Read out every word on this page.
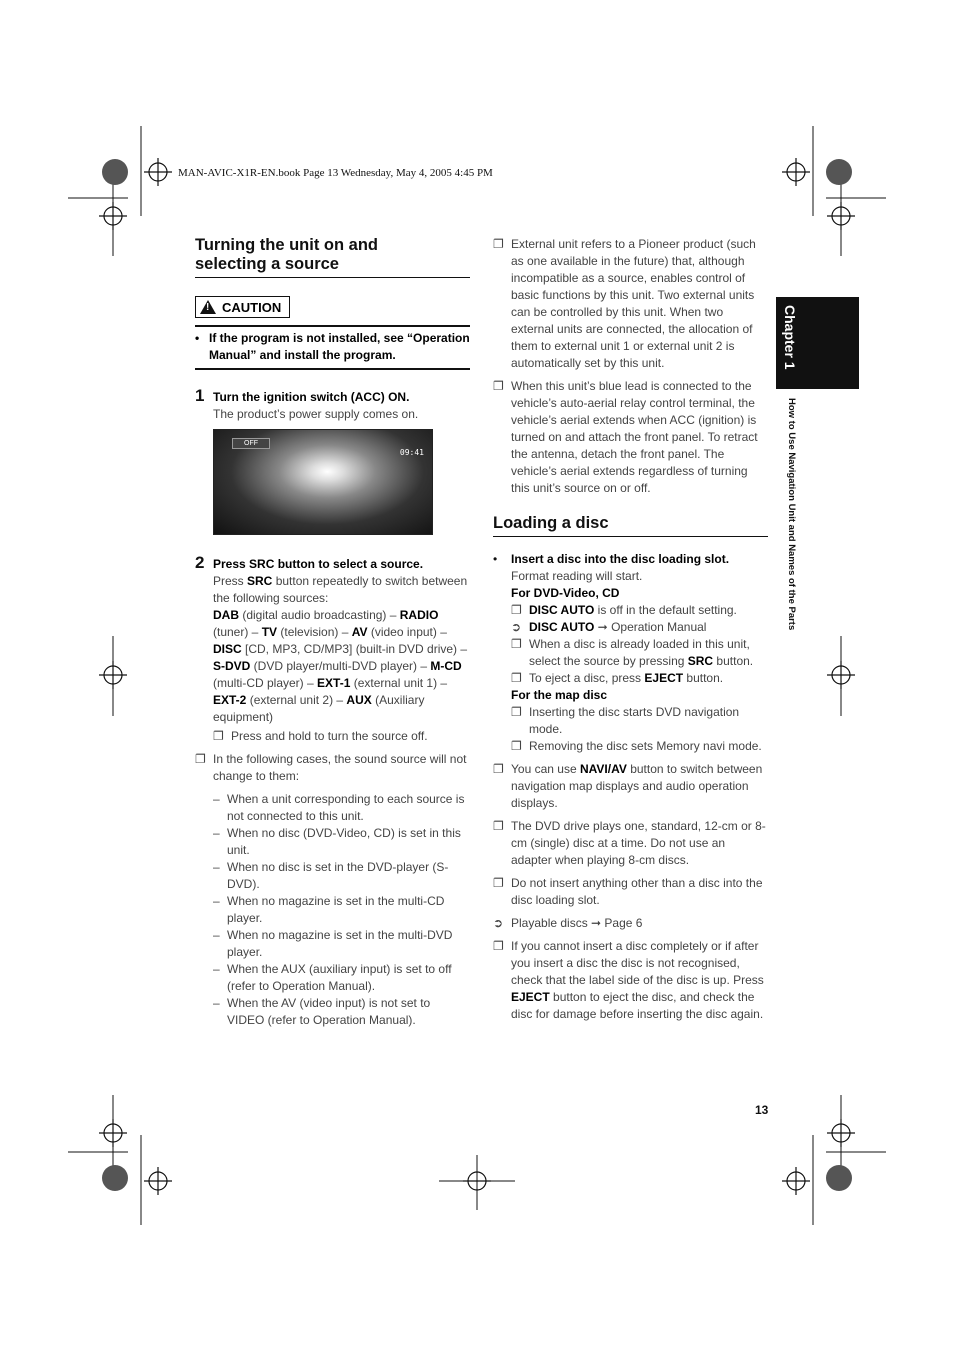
MAN-AVIC-X1R-EN.book Page 13 Wednesday, May 4, 2005 4:45 PM
Turning the unit on and
selecting a source
!
CAUTION
• If the program is not installed, see “Operation Manual” and install the program.
1 Turn the ignition switch (ACC) ON.

The product’s power supply comes on.

OFF
09:41
2 Press SRC button to select a source.

Press SRC button repeatedly to switch between the following sources:

DAB (digital audio broadcasting) – RADIO (tuner) – TV (television) – AV (video input) – DISC [CD, MP3, CD/MP3] (built-in DVD drive) – S-DVD (DVD player/multi-DVD player) – M-CD (multi-CD player) – EXT-1 (external unit 1) – EXT-2 (external unit 2) – AUX (Auxiliary equipment)

❐ Press and hold to turn the source off.
❐ In the following cases, the sound source will not change to them:
– When a unit corresponding to each source is not connected to this unit.
– When no disc (DVD-Video, CD) is set in this unit.
– When no disc is set in the DVD-player (S-DVD).
– When no magazine is set in the multi-CD player.
– When no magazine is set in the multi-DVD player.
– When the AUX (auxiliary input) is set to off (refer to Operation Manual).
– When the AV (video input) is not set to VIDEO (refer to Operation Manual).
❐ External unit refers to a Pioneer product (such as one available in the future) that, although incompatible as a source, enables control of basic functions by this unit. Two external units can be controlled by this unit. When two external units are connected, the allocation of them to external unit 1 or external unit 2 is automatically set by this unit.
❐ When this unit’s blue lead is connected to the vehicle’s auto-aerial relay control terminal, the vehicle’s aerial extends when ACC (ignition) is turned on and attach the front panel. To retract the antenna, detach the front panel. The vehicle’s aerial extends regardless of turning this unit’s source on or off.
Loading a disc
•	Insert a disc into the disc loading slot.

Format reading will start.

For DVD-Video, CD
❐ DISC AUTO is off in the default setting.
➲ DISC AUTO ➞ Operation Manual
❐ When a disc is already loaded in this unit, select the source by pressing SRC button.
❐ To eject a disc, press EJECT button.
For the map disc
❐ Inserting the disc starts DVD navigation mode.
❐ Removing the disc sets Memory navi mode.
❐ You can use NAVI/AV button to switch between navigation map displays and audio operation displays.
❐ The DVD drive plays one, standard, 12-cm or 8-cm (single) disc at a time. Do not use an adapter when playing 8-cm discs.
❐ Do not insert anything other than a disc into the disc loading slot.
➲ Playable discs ➞ Page 6
❐ If you cannot insert a disc completely or if after you insert a disc the disc is not recognised, check that the label side of the disc is up. Press EJECT button to eject the disc, and check the disc for damage before inserting the disc again.
Chapter 1
How to Use Navigation Unit and Names of the Parts
13
